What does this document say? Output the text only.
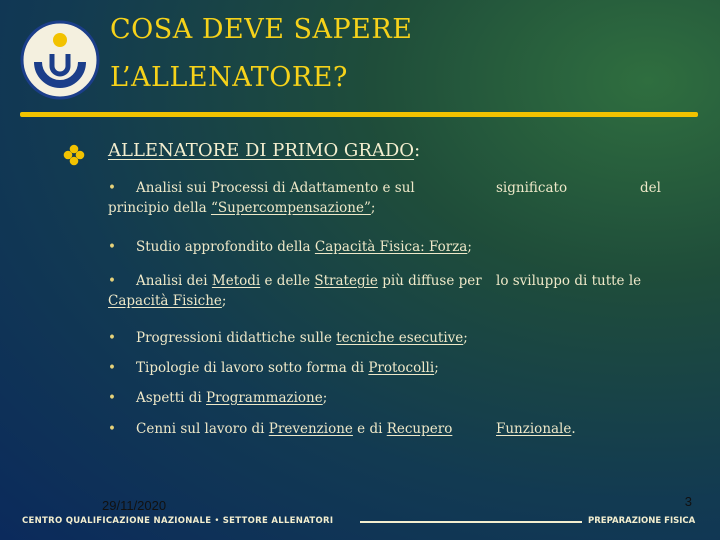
COSA DEVE SAPERE
L’ALLENATORE?
ALLENATORE DI PRIMO GRADO:
• Analisi sui Processi di Adattamento e sul	significato	del
principio della “Supercompensazione”;
• Studio approfondito della Capacità Fisica: Forza;
• Analisi dei Metodi e delle Strategie più diffuse per	lo sviluppo di tutte le
Capacità Fisiche;
• Progressioni didattiche sulle tecniche esecutive;
• Tipologie di lavoro sotto forma di Protocolli;
• Aspetti di Programmazione;
• Cenni sul lavoro di Prevenzione e di Recupero	Funzionale.
29/11/2020	3
CENTRO QUALIFICAZIONE NAZIONALE • SETTORE ALLENATORI	PREPARAZIONE FISICA
